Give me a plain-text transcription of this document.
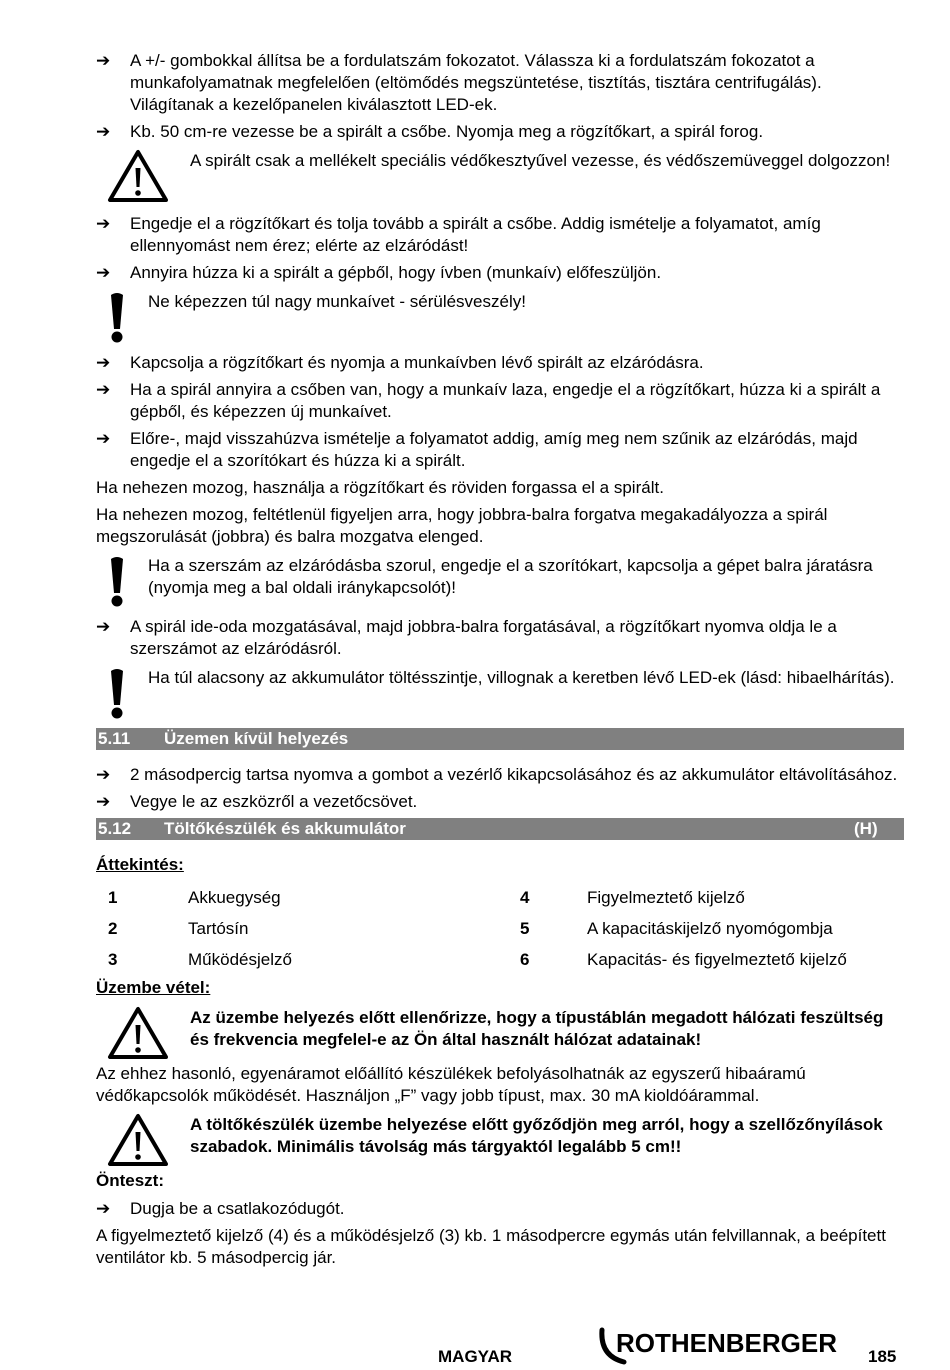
➔	A +/- gombokkal állítsa be a fordulatszám fokozatot. Válassza ki a fordulatszám fokozatot a munkafolyamatnak megfelelően (eltömődés megszüntetése, tisztítás, tisztára centrifugálás). Világítanak a kezelőpanelen kiválasztott LED-ek.
➔	Kb. 50 cm-re vezesse be a spirált a csőbe. Nyomja meg a rögzítőkart, a spirál forog.
A spirált csak a mellékelt speciális védőkesztyűvel vezesse, és védőszemüveggel dolgozzon!
➔	Engedje el a rögzítőkart és tolja tovább a spirált a csőbe. Addig ismételje a folyamatot, amíg ellennyomást nem érez; elérte az elzáródást!
➔	Annyira húzza ki a spirált a gépből, hogy ívben (munkaív) előfeszüljön.
Ne képezzen túl nagy munkaívet - sérülésveszély!
➔	Kapcsolja a rögzítőkart és nyomja a munkaívben lévő spirált az elzáródásra.
➔	Ha a spirál annyira a csőben van, hogy a munkaív laza, engedje el a rögzítőkart, húzza ki a spirált a gépből, és képezzen új munkaívet.
➔	Előre-, majd visszahúzva ismételje a folyamatot addig, amíg meg nem szűnik az elzáródás, majd engedje el a szorítókart és húzza ki a spirált.
Ha nehezen mozog, használja a rögzítőkart és röviden forgassa el a spirált.
Ha nehezen mozog, feltétlenül figyeljen arra, hogy jobbra-balra forgatva megakadályozza a spirál megszorulását (jobbra) és balra mozgatva elenged.
Ha a szerszám az elzáródásba szorul, engedje el a szorítókart, kapcsolja a gépet balra járatásra (nyomja meg a bal oldali iránykapcsolót)!
➔	A spirál ide-oda mozgatásával, majd jobbra-balra forgatásával, a rögzítőkart nyomva oldja le a szerszámot az elzáródásról.
Ha túl alacsony az akkumulátor töltésszintje, villognak a keretben lévő LED-ek (lásd: hibaelhárítás).
5.11	Üzemen kívül helyezés
➔	2 másodpercig tartsa nyomva a gombot a vezérlő kikapcsolásához és az akkumulátor eltávolításához.
➔	Vegye le az eszközről a vezetőcsövet.
5.12	Töltőkészülék és akkumulátor	(H)
Áttekintés:
1	Akkuegység	4	Figyelmeztető kijelző
2	Tartósín	5	A kapacitáskijelző nyomógombja
3	Működésjelző	6	Kapacitás- és figyelmeztető kijelző
Üzembe vétel:
Az üzembe helyezés előtt ellenőrizze, hogy a típustáblán megadott hálózati feszültség és frekvencia megfelel-e az Ön által használt hálózat adatainak!
Az ehhez hasonló, egyenáramot előállító készülékek befolyásolhatnák az egyszerű hibaáramú védőkapcsolók működését. Használjon „F” vagy jobb típust, max. 30 mA kioldóárammal.
A töltőkészülék üzembe helyezése előtt győződjön meg arról, hogy a szellőzőnyílások szabadok. Minimális távolság más tárgyaktól legalább 5 cm!!
Önteszt:
➔	Dugja be a csatlakozódugót.
A figyelmeztető kijelző (4) és a működésjelző (3) kb. 1 másodpercre egymás után felvillannak, a beépített ventilátor kb. 5 másodpercig jár.
MAGYAR	ROTHENBERGER 185
